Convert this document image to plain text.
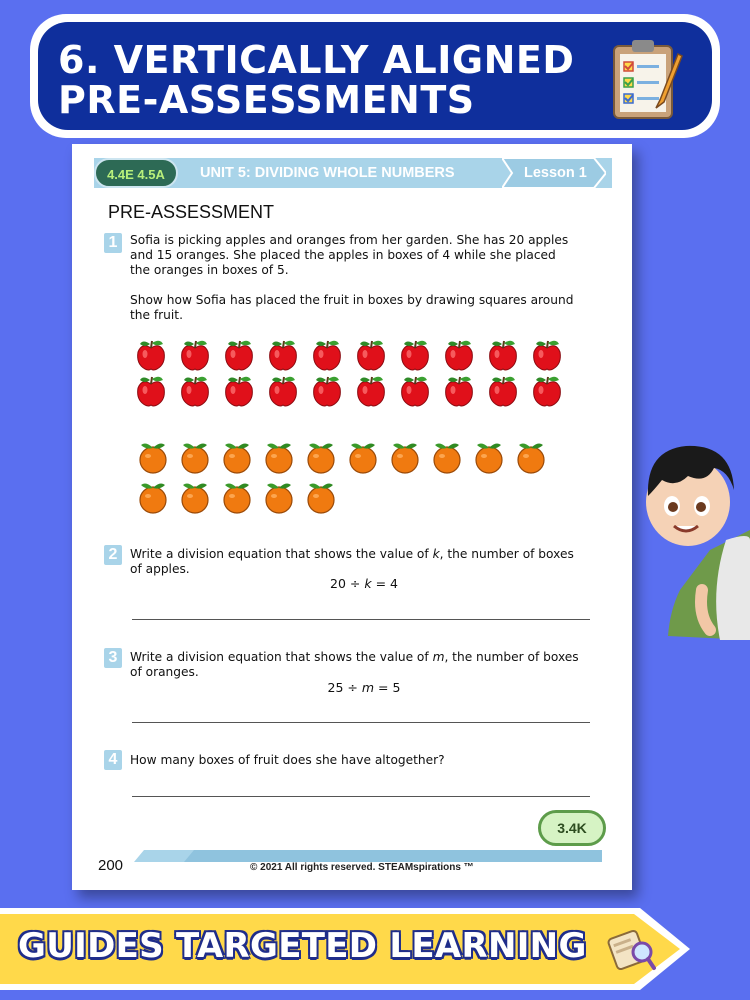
6. VERTICALLY ALIGNED
PRE-ASSESSMENTS
4.4E 4.5A	UNIT 5: DIVIDING WHOLE NUMBERS	Lesson 1
PRE-ASSESSMENT
1	Sofia is picking apples and oranges from her garden. She has 20 apples
and 15 oranges. She placed the apples in boxes of 4 while she placed
the oranges in boxes of 5.
Show how Sofia has placed the fruit in boxes by drawing squares around
the fruit.
2	Write a division equation that shows the value of k, the number of boxes
of apples.
20 ÷ k = 4
3	Write a division equation that shows the value of m, the number of boxes
of oranges.
25 ÷ m = 5
4	How many boxes of fruit does she have altogether?
3.4K
200	© 2021 All rights reserved. STEAMspirations ™
GUIDES TARGETED LEARNING
